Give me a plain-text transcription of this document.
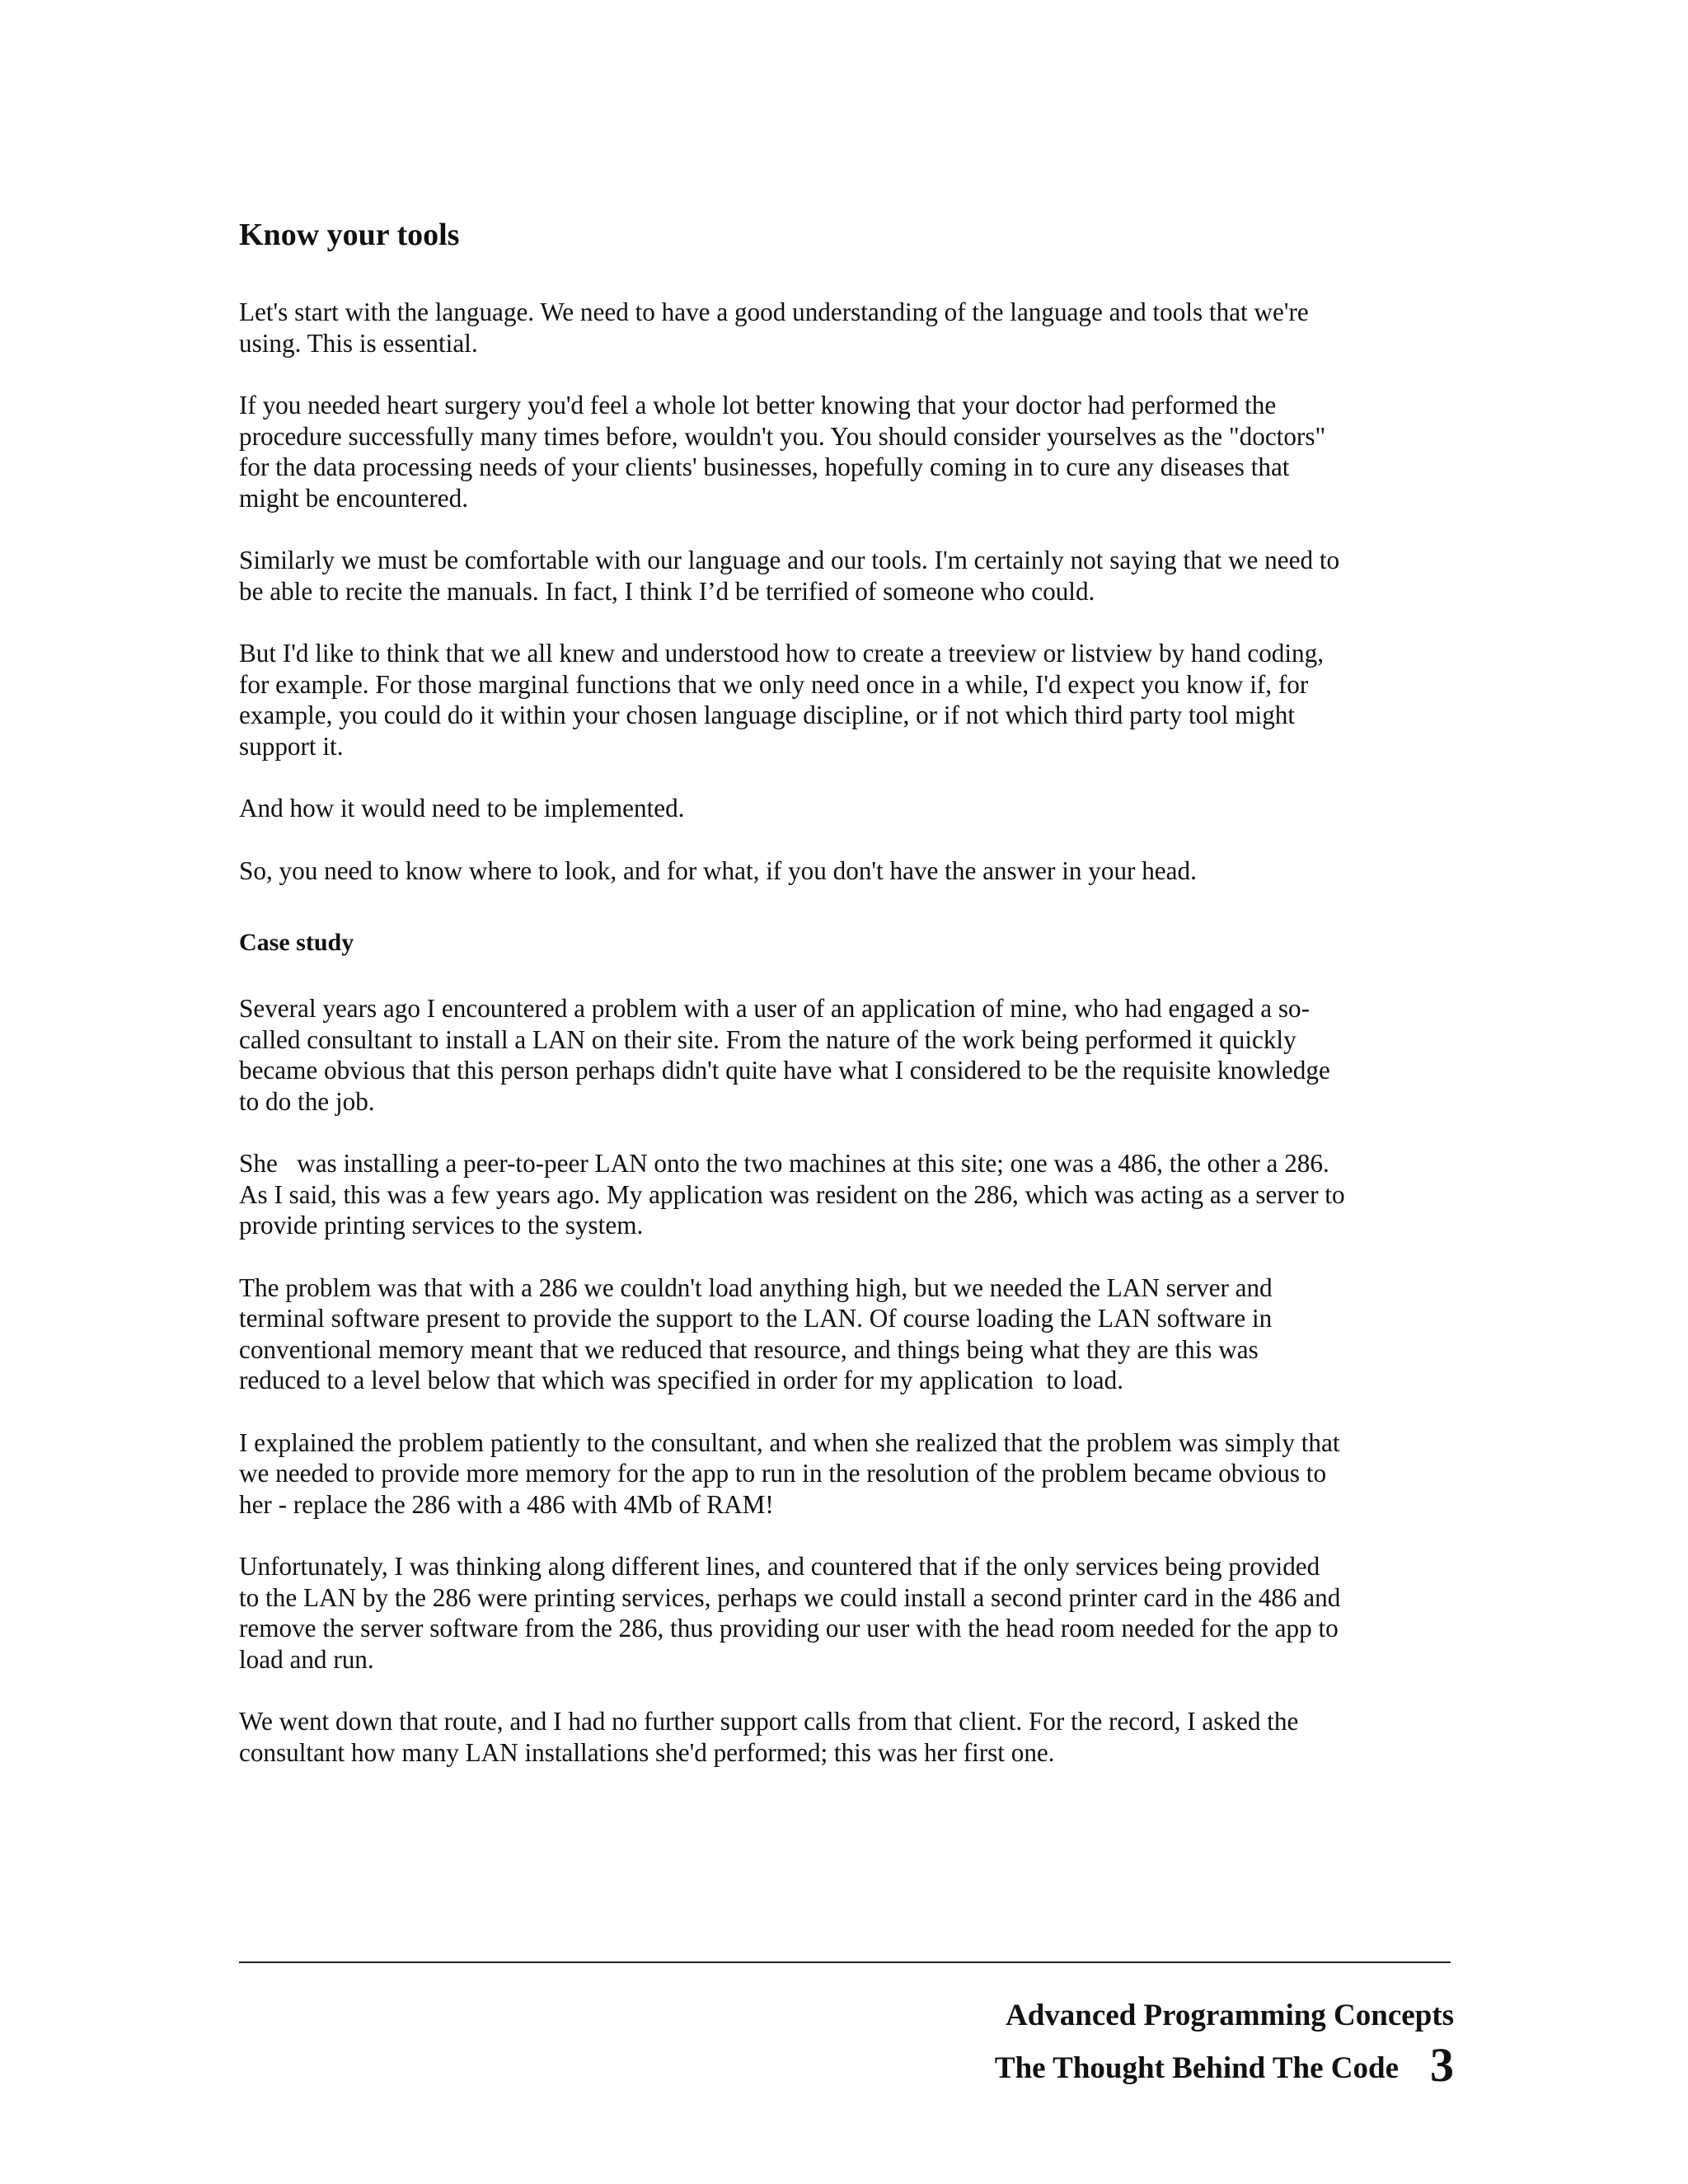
Know your tools

Let's start with the language. We need to have a good understanding of the language and tools that we're
using. This is essential.

If you needed heart surgery you'd feel a whole lot better knowing that your doctor had performed the
procedure successfully many times before, wouldn't you. You should consider yourselves as the "doctors"
for the data processing needs of your clients' businesses, hopefully coming in to cure any diseases that
might be encountered.

Similarly we must be comfortable with our language and our tools. I'm certainly not saying that we need to
be able to recite the manuals. In fact, I think I’d be terrified of someone who could.

But I'd like to think that we all knew and understood how to create a treeview or listview by hand coding,
for example. For those marginal functions that we only need once in a while, I'd expect you know if, for
example, you could do it within your chosen language discipline, or if not which third party tool might
support it.

And how it would need to be implemented.

So, you need to know where to look, and for what, if you don't have the answer in your head.

Case study

Several years ago I encountered a problem with a user of an application of mine, who had engaged a so-
called consultant to install a LAN on their site. From the nature of the work being performed it quickly
became obvious that this person perhaps didn't quite have what I considered to be the requisite knowledge
to do the job.

She   was installing a peer-to-peer LAN onto the two machines at this site; one was a 486, the other a 286.
As I said, this was a few years ago. My application was resident on the 286, which was acting as a server to
provide printing services to the system.

The problem was that with a 286 we couldn't load anything high, but we needed the LAN server and
terminal software present to provide the support to the LAN. Of course loading the LAN software in
conventional memory meant that we reduced that resource, and things being what they are this was
reduced to a level below that which was specified in order for my application  to load.

I explained the problem patiently to the consultant, and when she realized that the problem was simply that
we needed to provide more memory for the app to run in the resolution of the problem became obvious to
her - replace the 286 with a 486 with 4Mb of RAM!

Unfortunately, I was thinking along different lines, and countered that if the only services being provided
to the LAN by the 286 were printing services, perhaps we could install a second printer card in the 486 and
remove the server software from the 286, thus providing our user with the head room needed for the app to
load and run.

We went down that route, and I had no further support calls from that client. For the record, I asked the
consultant how many LAN installations she'd performed; this was her first one.

Advanced Programming Concepts
The Thought Behind The Code 3
